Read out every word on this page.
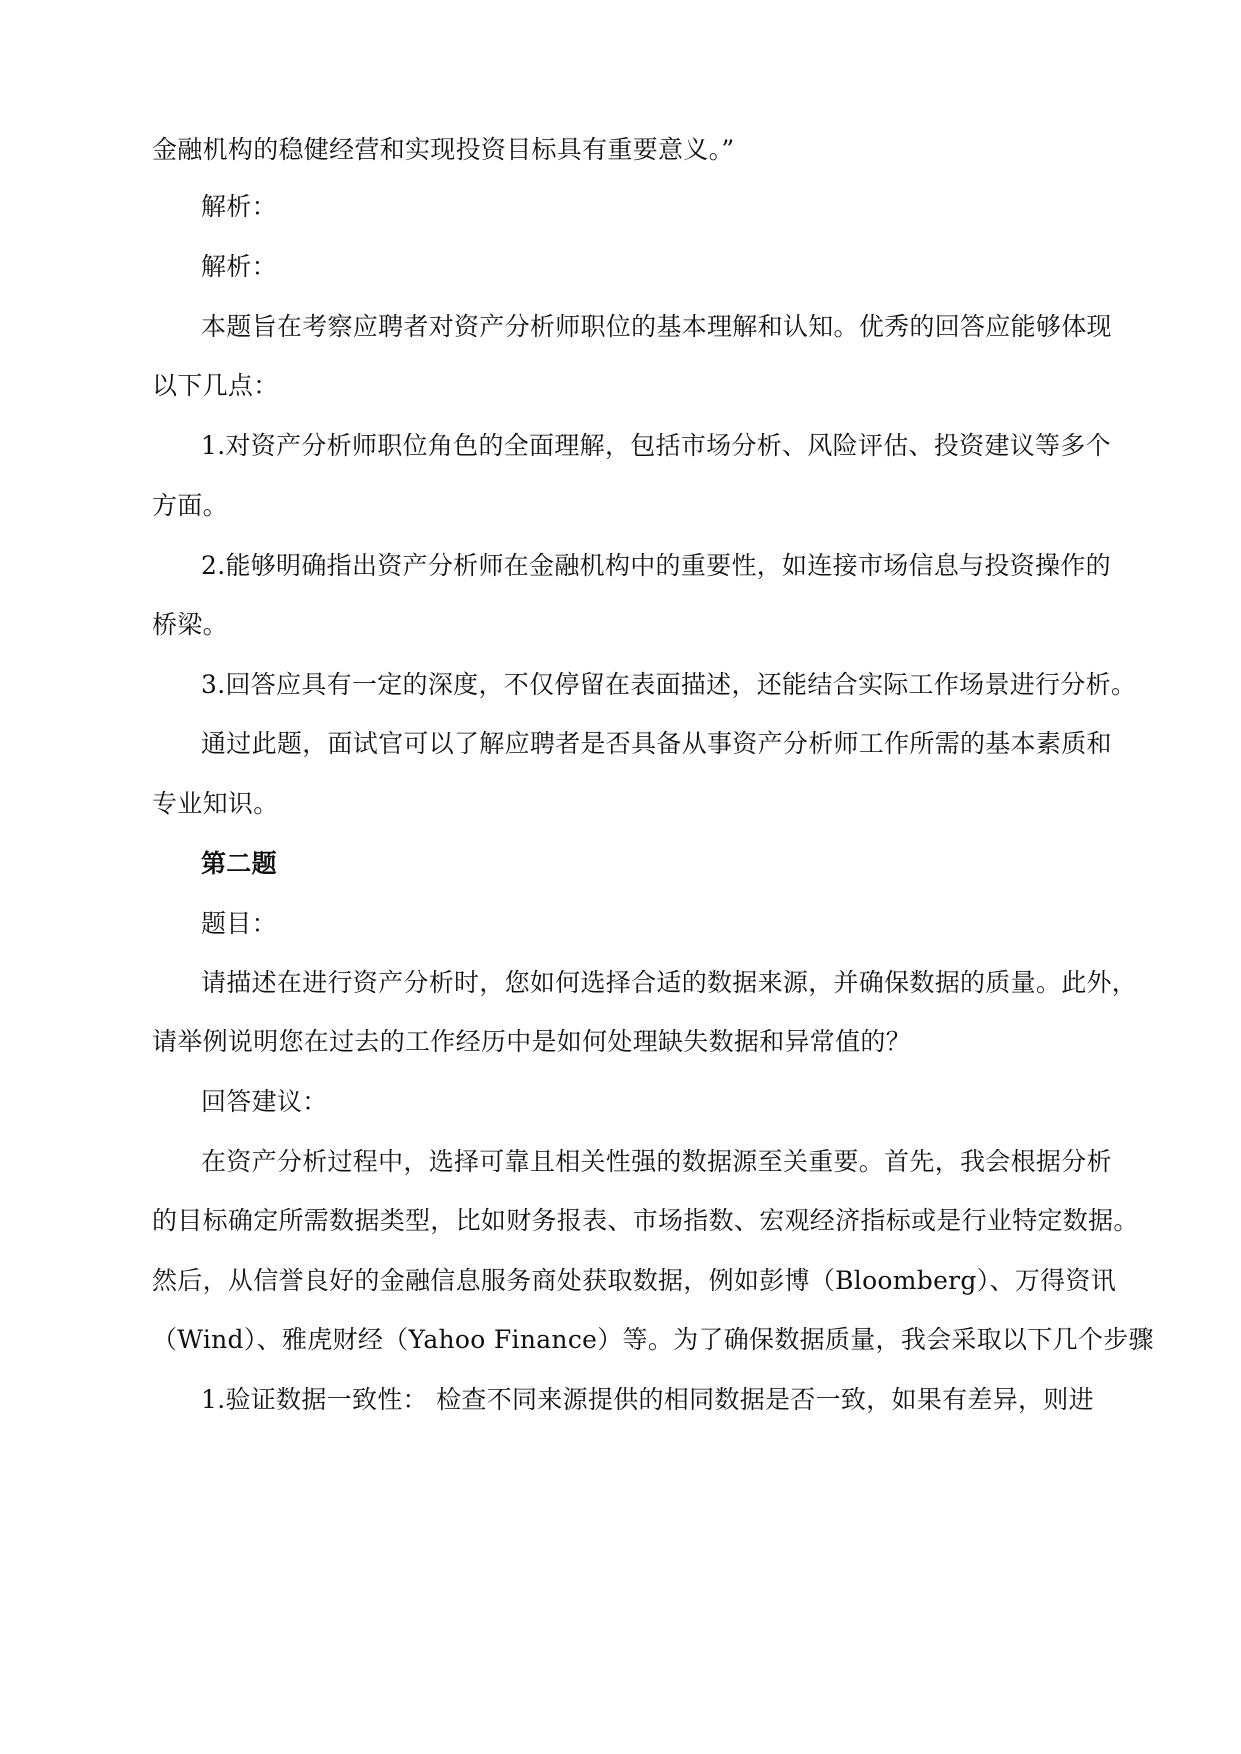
金融机构的稳健经营和实现投资目标具有重要意义。”
解析：
解析：
本题旨在考察应聘者对资产分析师职位的基本理解和认知。优秀的回答应能够体现
以下几点：
1.对资产分析师职位角色的全面理解，包括市场分析、风险评估、投资建议等多个
方面。
2.能够明确指出资产分析师在金融机构中的重要性，如连接市场信息与投资操作的
桥梁。
3.回答应具有一定的深度，不仅停留在表面描述，还能结合实际工作场景进行分析。
通过此题，面试官可以了解应聘者是否具备从事资产分析师工作所需的基本素质和
专业知识。
第二题
题目：
请描述在进行资产分析时，您如何选择合适的数据来源，并确保数据的质量。此外，
请举例说明您在过去的工作经历中是如何处理缺失数据和异常值的？
回答建议：
在资产分析过程中，选择可靠且相关性强的数据源至关重要。首先，我会根据分析
的目标确定所需数据类型，比如财务报表、市场指数、宏观经济指标或是行业特定数据。
然后，从信誉良好的金融信息服务商处获取数据，例如彭博（Bloomberg）、万得资讯
（Wind）、雅虎财经（Yahoo Finance）等。为了确保数据质量，我会采取以下几个步骤
1.验证数据一致性： 检查不同来源提供的相同数据是否一致，如果有差异，则进
